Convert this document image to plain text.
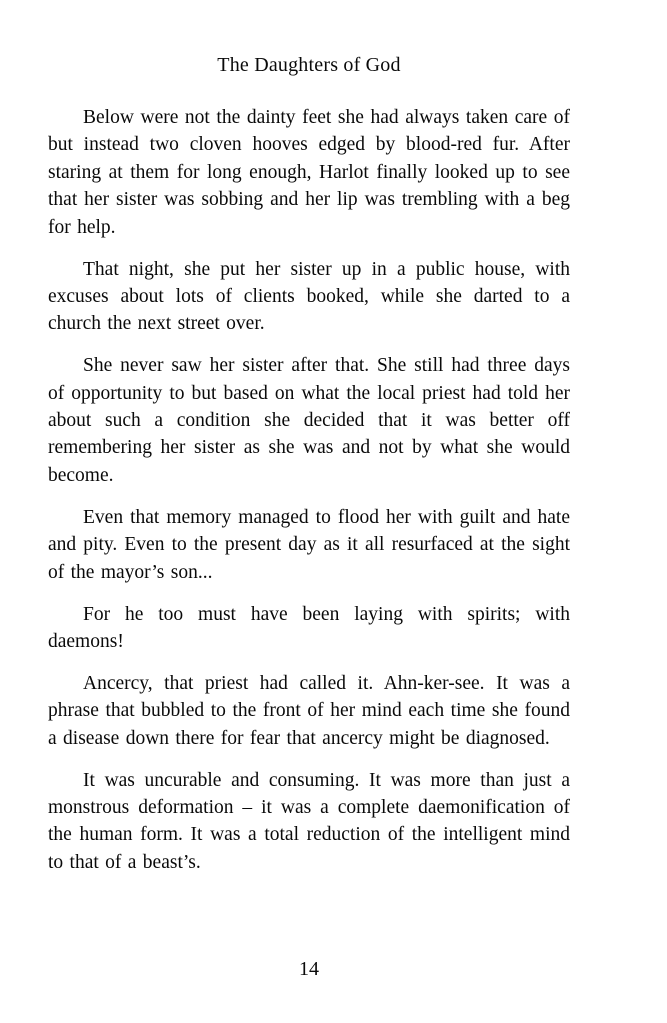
The Daughters of God

Below were not the dainty feet she had always taken care of but instead two cloven hooves edged by blood-red fur. After staring at them for long enough, Harlot finally looked up to see that her sister was sobbing and her lip was trembling with a beg for help.

That night, she put her sister up in a public house, with excuses about lots of clients booked, while she darted to a church the next street over.

She never saw her sister after that. She still had three days of opportunity to but based on what the local priest had told her about such a condition she decided that it was better off remembering her sister as she was and not by what she would become.

Even that memory managed to flood her with guilt and hate and pity. Even to the present day as it all resurfaced at the sight of the mayor’s son...

For he too must have been laying with spirits; with daemons!

Ancercy, that priest had called it. Ahn-ker-see. It was a phrase that bubbled to the front of her mind each time she found a disease down there for fear that ancercy might be diagnosed.

It was uncurable and consuming. It was more than just a monstrous deformation – it was a complete daemonification of the human form. It was a total reduction of the intelligent mind to that of a beast’s.

14
